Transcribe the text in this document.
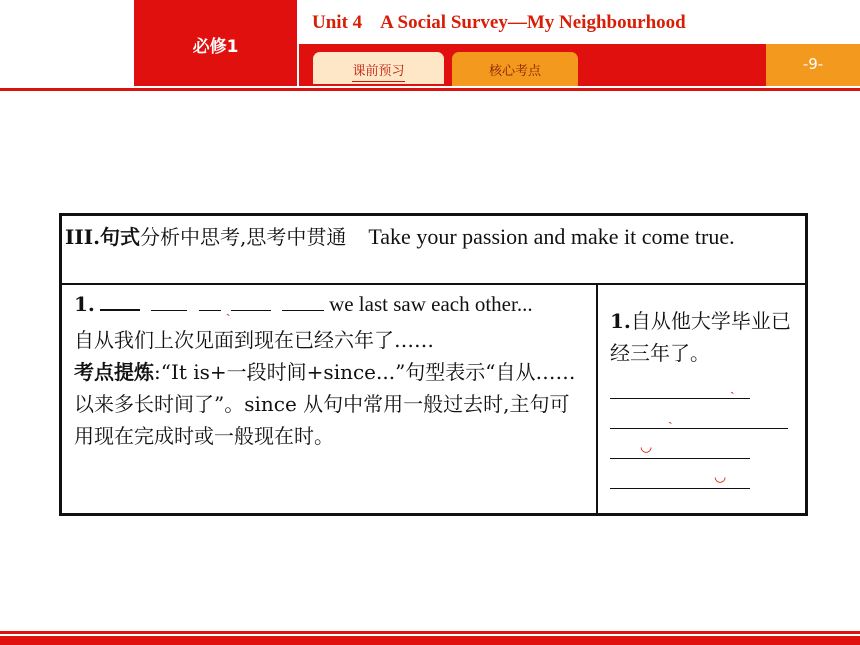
必修1
Unit 4    A Social Survey—My Neighbourhood
课前预习	核心考点	-9-
III.句式分析中思考,思考中贯通 Take your passion and make it come true.
1.	ˏ	we last saw each other...
自从我们上次见面到现在已经六年了……
考点提炼:“It is+一段时间+since...”句型表示“自从……以来多长时间了”。since 从句中常用一般过去时,主句可用现在完成时或一般现在时。
1.自从他大学毕业已经三年了。
ˏ
ˎ
◡
◡
